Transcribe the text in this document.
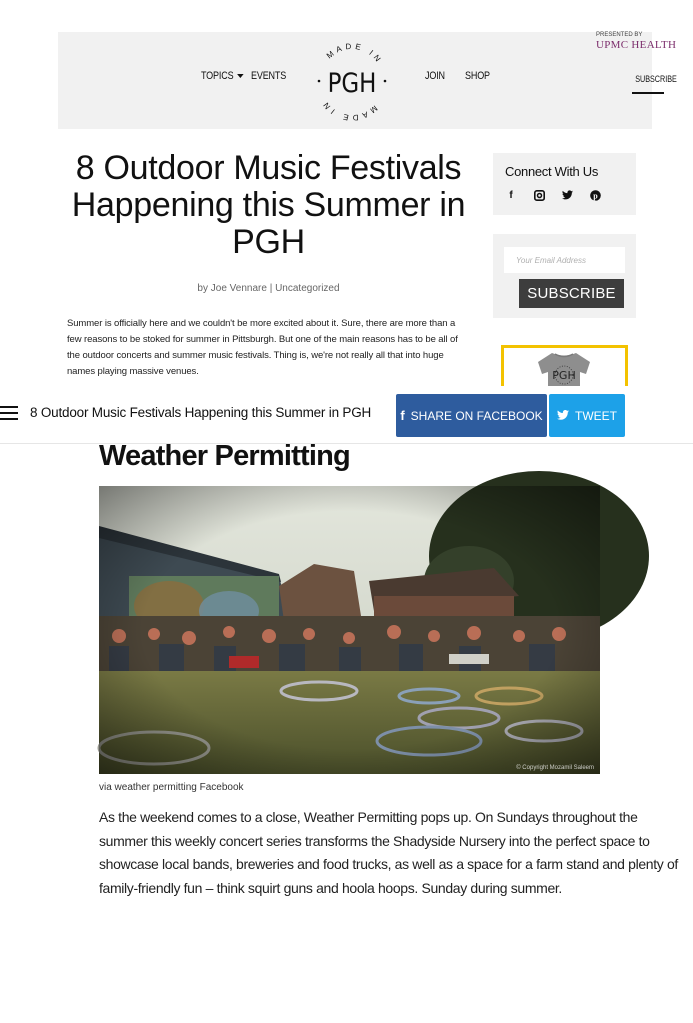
TOPICS	EVENTS
MADE IN
MADE IN
PGH	JOIN SHOP
PRESENTED BY
UPMC HEALTH
SUBSCRIBE
8 Outdoor Music Festivals
Happening this Summer in
PGH
by Joe Vennare | Uncategorized

Summer is officially here and we couldn't be more excited about it. Sure, there are more than a few reasons to be stoked for summer in Pittsburgh. But one of the main reasons has to be all of the outdoor concerts and summer music festivals. Thing is, we're not really all that into huge names playing massive venues.

Connect With Us
f	p
Your Email Address
SUBSCRIBE
PGH
8 Outdoor Music Festivals Happening this Summer in PGH f SHARE ON FACEBOOK	TWEET
Weather Permitting
© Copyright Mozamil Saleem
via weather permitting Facebook

As the weekend comes to a close, Weather Permitting pops up. On Sundays throughout the summer this weekly concert series transforms the Shadyside Nursery into the perfect space to showcase local bands, breweries and food trucks, as well as a space for a farm stand and plenty of family-friendly fun – think squirt guns and hoola hoops. Sunday during summer.
